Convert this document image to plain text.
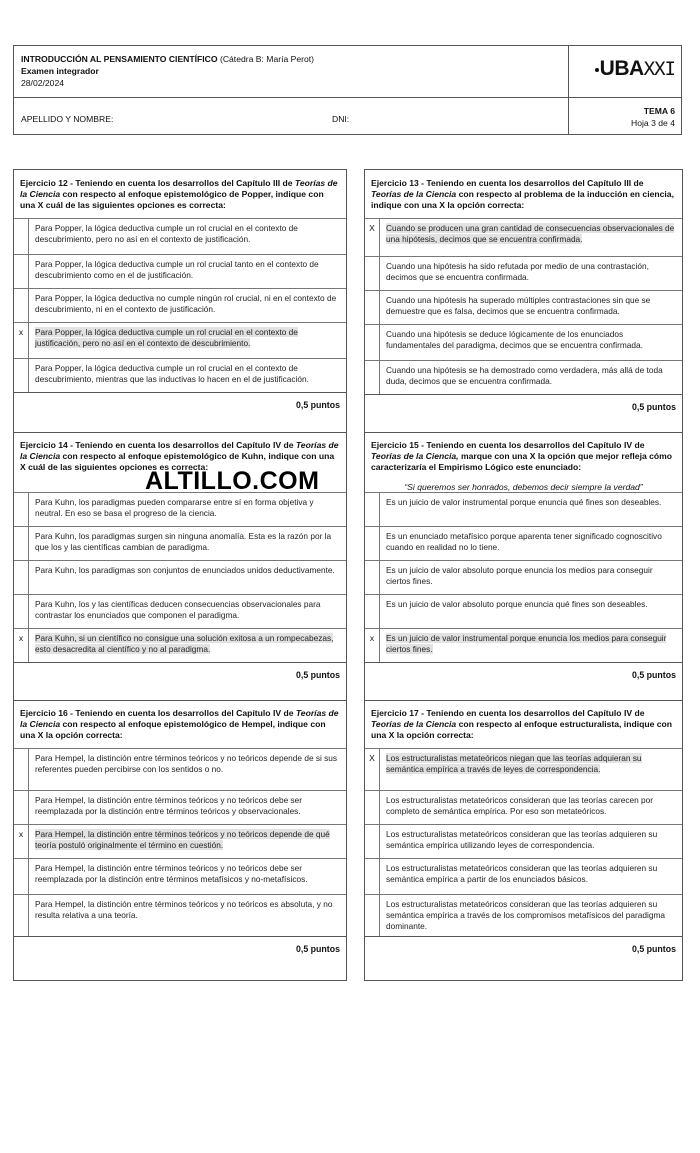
INTRODUCCIÓN AL PENSAMIENTO CIENTÍFICO (Cátedra B: María Perot)
Examen integrador
28/02/2024
UBAXXI
APELLIDO Y NOMBRE:	DNI:
TEMA 6
Hoja 3 de 4
Ejercicio 12 - Teniendo en cuenta los desarrollos del Capítulo III de Teorías de la Ciencia con respecto al enfoque epistemológico de Popper, indique con una X cuál de las siguientes opciones es correcta:
Para Popper, la lógica deductiva cumple un rol crucial en el contexto de descubrimiento, pero no así en el contexto de justificación.
Para Popper, la lógica deductiva cumple un rol crucial tanto en el contexto de descubrimiento como en el de justificación.
Para Popper, la lógica deductiva no cumple ningún rol crucial, ni en el contexto de descubrimiento, ni en el contexto de justificación.
x	Para Popper, la lógica deductiva cumple un rol crucial en el contexto de justificación, pero no así en el contexto de descubrimiento.
Para Popper, la lógica deductiva cumple un rol crucial en el contexto de descubrimiento, mientras que las inductivas lo hacen en el de justificación.
0,5 puntos
Ejercicio 14 - Teniendo en cuenta los desarrollos del Capítulo IV de Teorías de la Ciencia con respecto al enfoque epistemológico de Kuhn, indique con una X cuál de las siguientes opciones es correcta:
Para Kuhn, los paradigmas pueden compararse entre sí en forma objetiva y neutral. En eso se basa el progreso de la ciencia.
Para Kuhn, los paradigmas surgen sin ninguna anomalía. Esta es la razón por la que los y las científicas cambian de paradigma.
Para Kuhn, los paradigmas son conjuntos de enunciados unidos deductivamente.
Para Kuhn, los y las científicas deducen consecuencias observacionales para contrastar los enunciados que componen el paradigma.
x	Para Kuhn, si un científico no consigue una solución exitosa a un rompecabezas, esto desacredita al científico y no al paradigma.
0,5 puntos
Ejercicio 16 - Teniendo en cuenta los desarrollos del Capítulo IV de Teorías de la Ciencia con respecto al enfoque epistemológico de Hempel, indique con una X la opción correcta:
Para Hempel, la distinción entre términos teóricos y no teóricos depende de si sus referentes pueden percibirse con los sentidos o no.
Para Hempel, la distinción entre términos teóricos y no teóricos debe ser reemplazada por la distinción entre términos teóricos y observacionales.
x	Para Hempel, la distinción entre términos teóricos y no teóricos depende de qué teoría postuló originalmente el término en cuestión.
Para Hempel, la distinción entre términos teóricos y no teóricos debe ser reemplazada por la distinción entre términos metafísicos y no-metafísicos.
Para Hempel, la distinción entre términos teóricos y no teóricos es absoluta, y no resulta relativa a una teoría.
0,5 puntos
Ejercicio 13 - Teniendo en cuenta los desarrollos del Capítulo III de Teorías de la Ciencia con respecto al problema de la inducción en ciencia, indique con una X la opción correcta:
X	Cuando se producen una gran cantidad de consecuencias observacionales de una hipótesis, decimos que se encuentra confirmada.
Cuando una hipótesis ha sido refutada por medio de una contrastación, decimos que se encuentra confirmada.
Cuando una hipótesis ha superado múltiples contrastaciones sin que se demuestre que es falsa, decimos que se encuentra confirmada.
Cuando una hipótesis se deduce lógicamente de los enunciados fundamentales del paradigma, decimos que se encuentra confirmada.
Cuando una hipótesis se ha demostrado como verdadera, más allá de toda duda, decimos que se encuentra confirmada.
0,5 puntos
Ejercicio 15 - Teniendo en cuenta los desarrollos del Capítulo IV de Teorías de la Ciencia, marque con una X la opción que mejor refleja cómo caracterizaría el Empirismo Lógico este enunciado:
“Si queremos ser honrados, debemos decir siempre la verdad”
Es un juicio de valor instrumental porque enuncia qué fines son deseables.
Es un enunciado metafísico porque aparenta tener significado cognoscitivo cuando en realidad no lo tiene.
Es un juicio de valor absoluto porque enuncia los medios para conseguir ciertos fines.
Es un juicio de valor absoluto porque enuncia qué fines son deseables.
x	Es un juicio de valor instrumental porque enuncia los medios para conseguir ciertos fines.
0,5 puntos
Ejercicio 17 - Teniendo en cuenta los desarrollos del Capítulo IV de Teorías de la Ciencia con respecto al enfoque estructuralista, indique con una X la opción correcta:
X	Los estructuralistas metateóricos niegan que las teorías adquieran su semántica empírica a través de leyes de correspondencia.
Los estructuralistas metateóricos consideran que las teorías carecen por completo de semántica empírica. Por eso son metateóricos.
Los estructuralistas metateóricos consideran que las teorías adquieren su semántica empírica utilizando leyes de correspondencia.
Los estructuralistas metateóricos consideran que las teorías adquieren su semántica empírica a partir de los enunciados básicos.
Los estructuralistas metateóricos consideran que las teorías adquieren su semántica empírica a través de los compromisos metafísicos del paradigma dominante.
0,5 puntos
ALTILLO.COM
